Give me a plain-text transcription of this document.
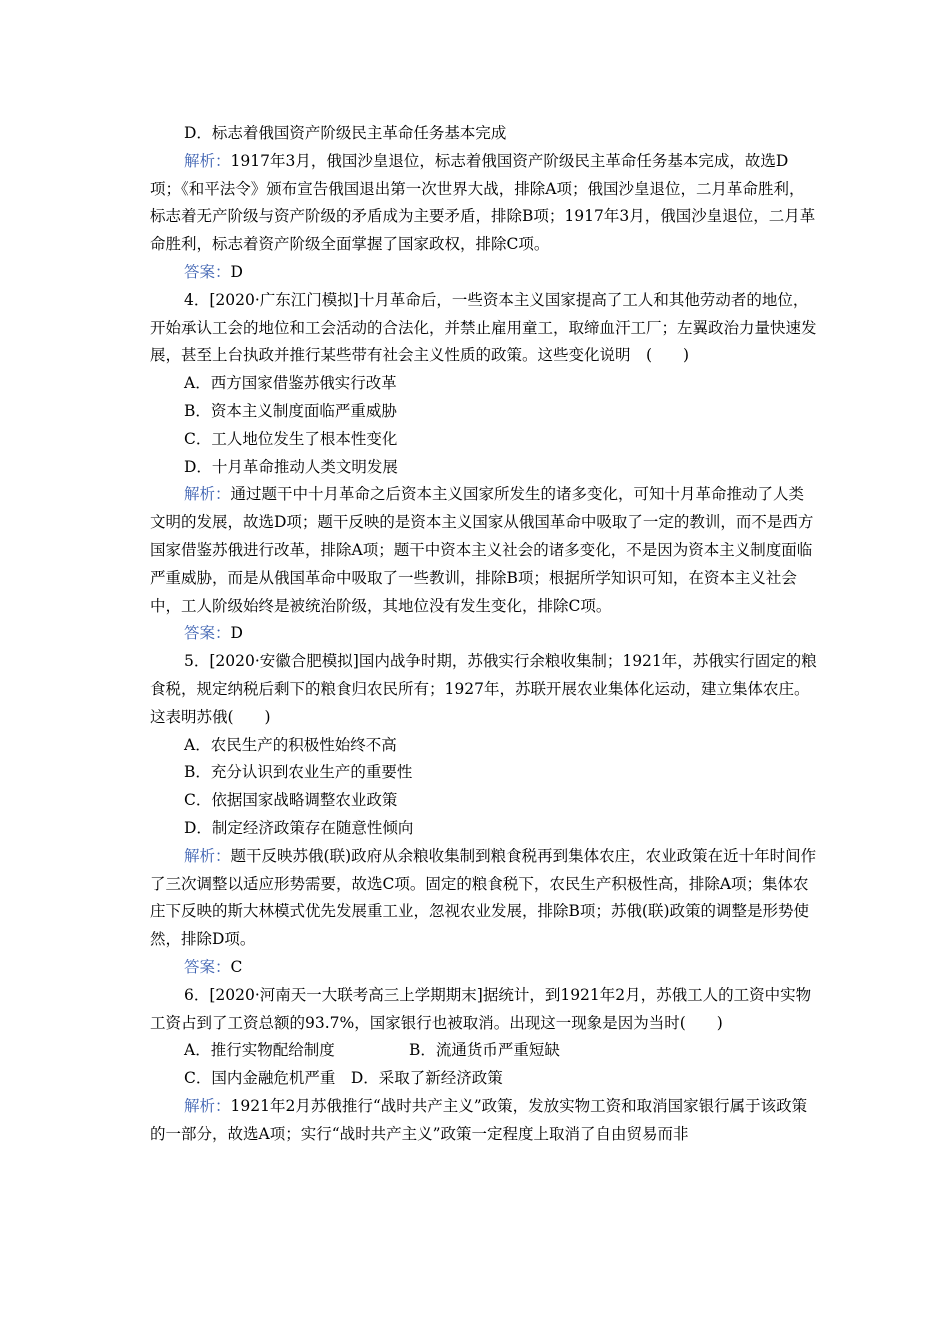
D．标志着俄国资产阶级民主革命任务基本完成

解析：1917年3月，俄国沙皇退位，标志着俄国资产阶级民主革命任务基本完成，故选D项；《和平法令》颁布宣告俄国退出第一次世界大战，排除A项；俄国沙皇退位，二月革命胜利，标志着无产阶级与资产阶级的矛盾成为主要矛盾，排除B项；1917年3月，俄国沙皇退位，二月革命胜利，标志着资产阶级全面掌握了国家政权，排除C项。

答案：D

4．[2020·广东江门模拟]十月革命后，一些资本主义国家提高了工人和其他劳动者的地位，开始承认工会的地位和工会活动的合法化，并禁止雇用童工，取缔血汗工厂；左翼政治力量快速发展，甚至上台执政并推行某些带有社会主义性质的政策。这些变化说明　(　　)

A．西方国家借鉴苏俄实行改革

B．资本主义制度面临严重威胁

C．工人地位发生了根本性变化

D．十月革命推动人类文明发展

解析：通过题干中十月革命之后资本主义国家所发生的诸多变化，可知十月革命推动了人类文明的发展，故选D项；题干反映的是资本主义国家从俄国革命中吸取了一定的教训，而不是西方国家借鉴苏俄进行改革，排除A项；题干中资本主义社会的诸多变化，不是因为资本主义制度面临严重威胁，而是从俄国革命中吸取了一些教训，排除B项；根据所学知识可知，在资本主义社会中，工人阶级始终是被统治阶级，其地位没有发生变化，排除C项。

答案：D

5．[2020·安徽合肥模拟]国内战争时期，苏俄实行余粮收集制；1921年，苏俄实行固定的粮食税，规定纳税后剩下的粮食归农民所有；1927年，苏联开展农业集体化运动，建立集体农庄。这表明苏俄(　　)

A．农民生产的积极性始终不高

B．充分认识到农业生产的重要性

C．依据国家战略调整农业政策

D．制定经济政策存在随意性倾向

解析：题干反映苏俄(联)政府从余粮收集制到粮食税再到集体农庄，农业政策在近十年时间作了三次调整以适应形势需要，故选C项。固定的粮食税下，农民生产积极性高，排除A项；集体农庄下反映的斯大林模式优先发展重工业，忽视农业发展，排除B项；苏俄(联)政策的调整是形势使然，排除D项。

答案：C

6．[2020·河南天一大联考高三上学期期末]据统计，到1921年2月，苏俄工人的工资中实物工资占到了工资总额的93.7%，国家银行也被取消。出现这一现象是因为当时(　　)

A．推行实物配给制度	B．流通货币严重短缺

C．国内金融危机严重　D．采取了新经济政策

解析：1921年2月苏俄推行“战时共产主义”政策，发放实物工资和取消国家银行属于该政策的一部分，故选A项；实行“战时共产主义”政策一定程度上取消了自由贸易而非
